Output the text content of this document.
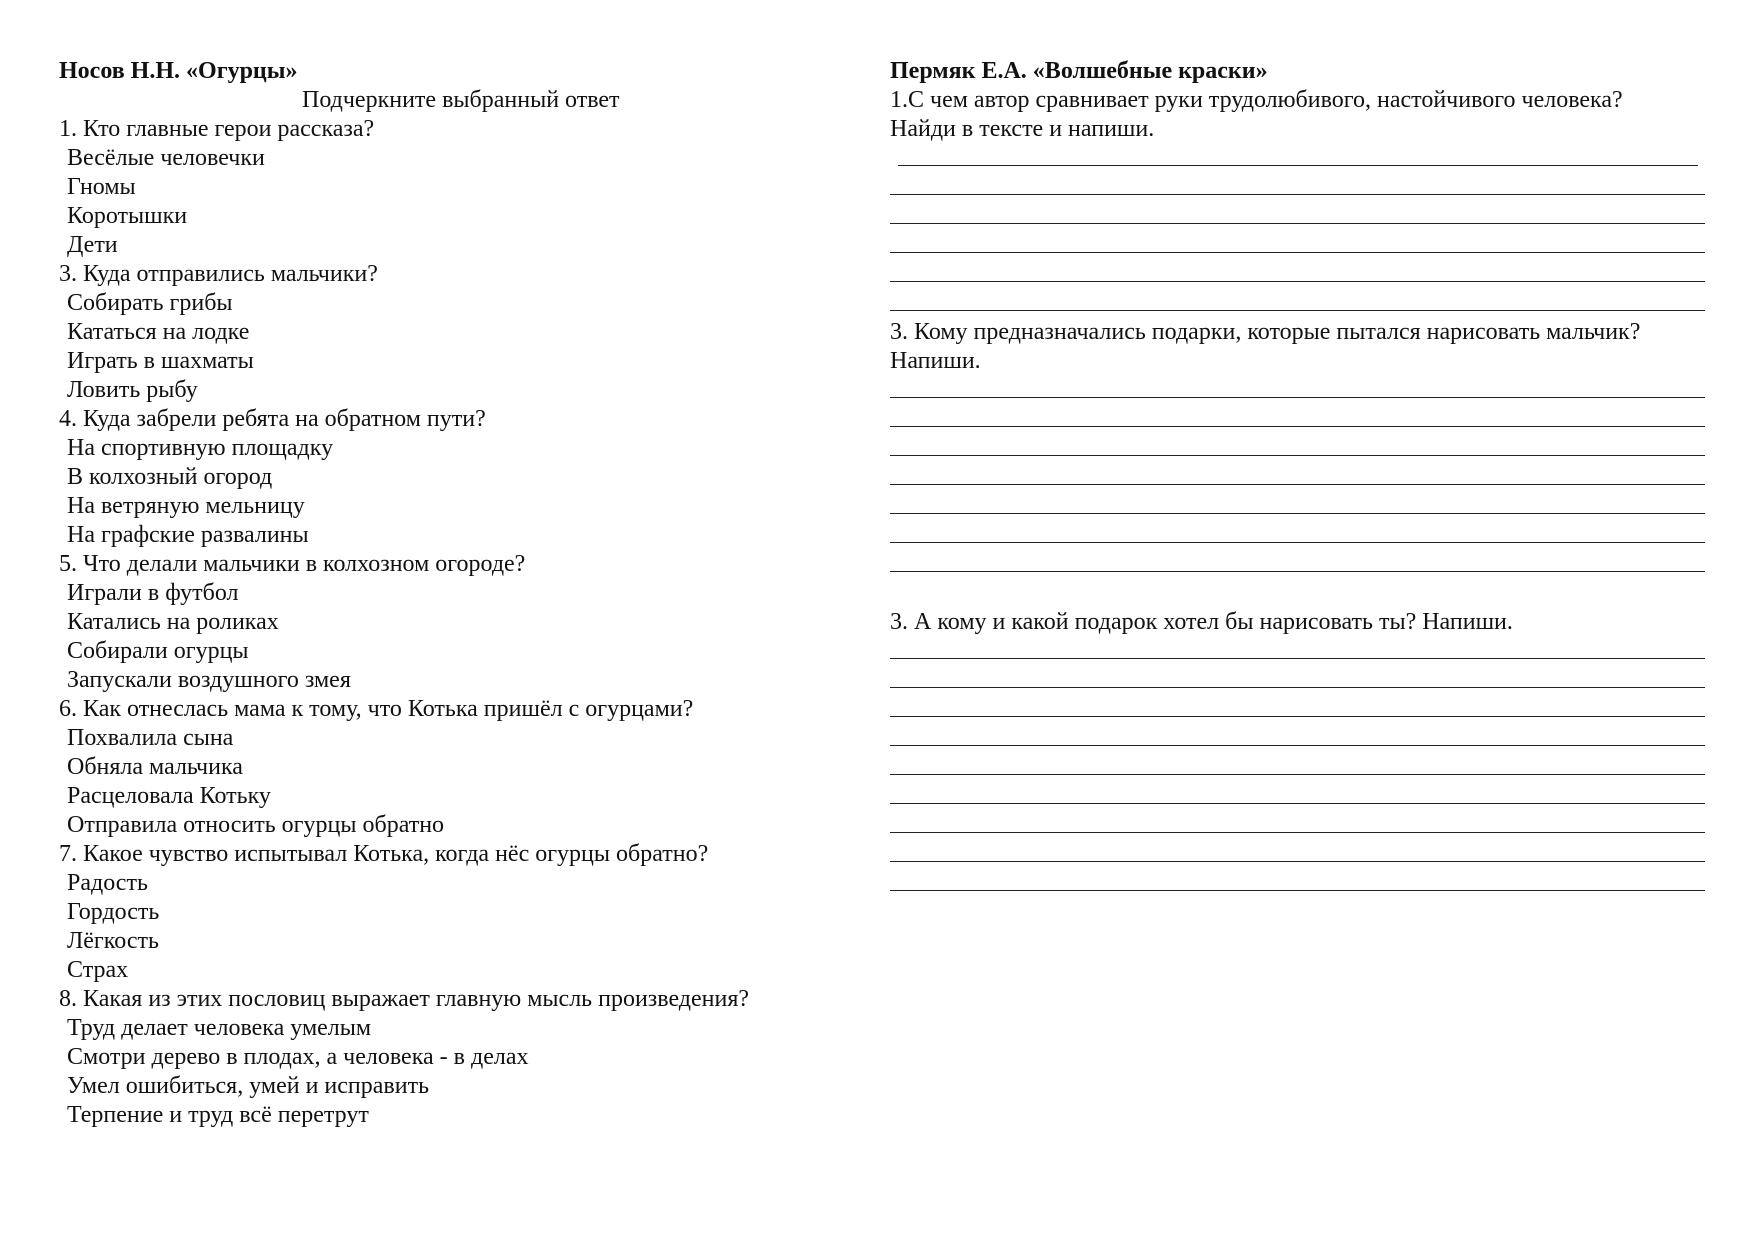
Носов Н.Н. «Огурцы»
Подчеркните выбранный ответ
1. Кто главные герои рассказа?
Весёлые человечки
Гномы
Коротышки
Дети
3. Куда отправились мальчики?
Собирать грибы
Кататься на лодке
Играть в шахматы
Ловить рыбу
4. Куда забрели ребята на обратном пути?
На спортивную площадку
В колхозный огород
На ветряную мельницу
На графские развалины
5. Что делали мальчики в колхозном огороде?
Играли в футбол
Катались на роликах
Собирали огурцы
Запускали воздушного змея
6. Как отнеслась мама к тому, что Котька пришёл с огурцами?
Похвалила сына
Обняла мальчика
Расцеловала Котьку
Отправила относить огурцы обратно
7. Какое чувство испытывал Котька, когда нёс огурцы обратно?
Радость
Гордость
Лёгкость
Страх
8. Какая из этих пословиц выражает главную мысль произведения?
Труд делает человека умелым
Смотри дерево в плодах, а человека - в делах
Умел ошибиться, умей и исправить
Терпение и труд всё перетрут
Пермяк Е.А. «Волшебные краски»
1.С чем автор сравнивает руки трудолюбивого, настойчивого человека?
Найди в тексте и напиши.
3. Кому предназначались подарки, которые пытался нарисовать мальчик?
Напиши.
3. А кому и какой подарок хотел бы нарисовать ты? Напиши.
